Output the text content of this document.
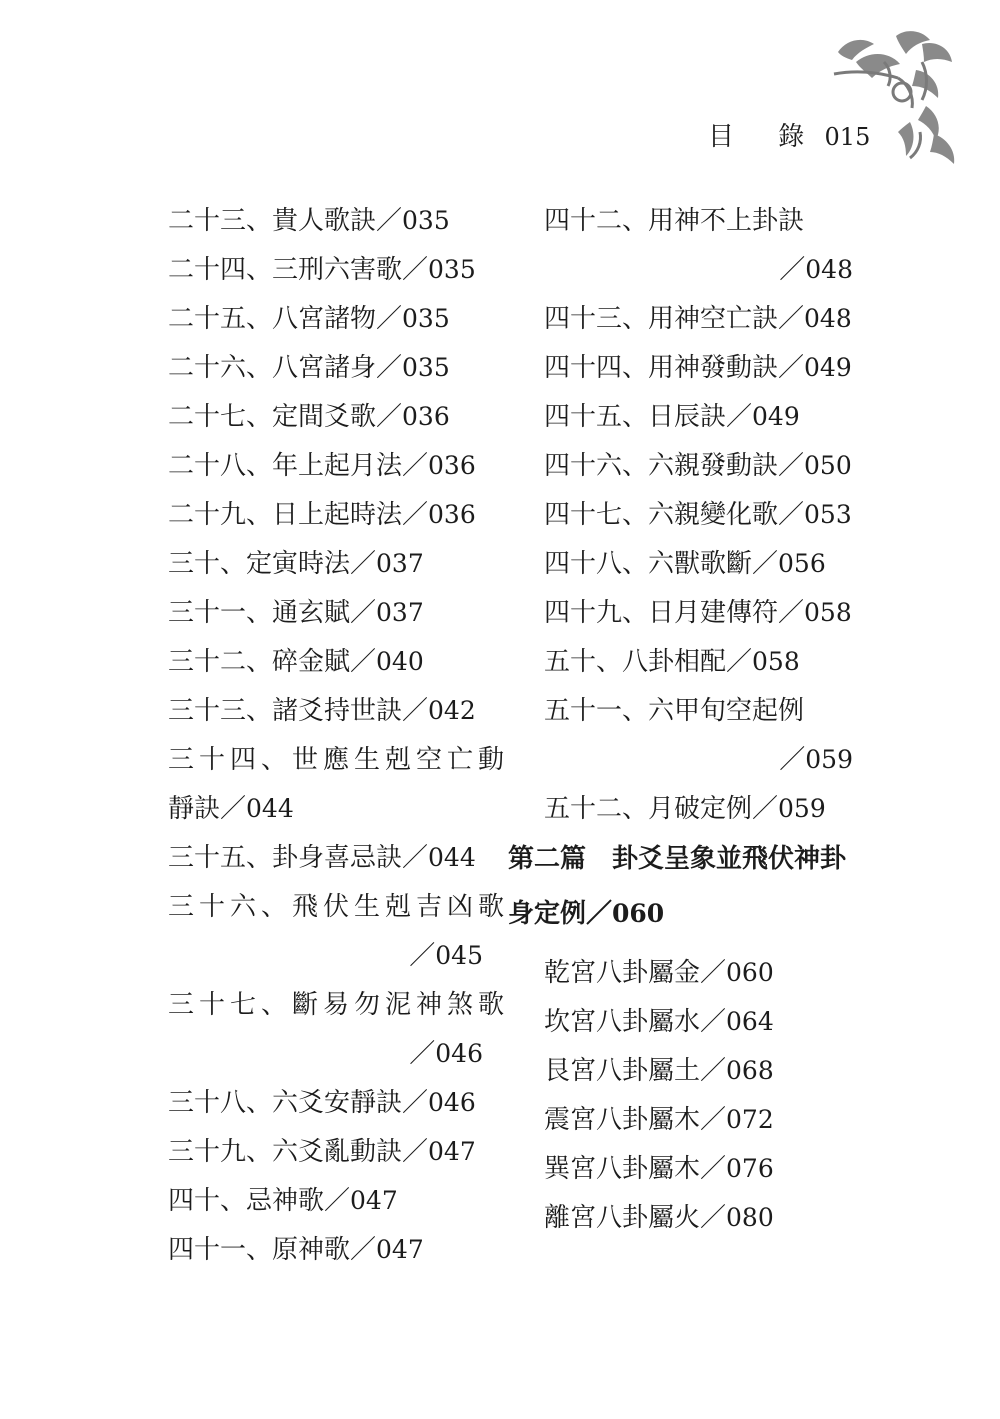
目 錄 015
二十三、貴人歌訣／035
二十四、三刑六害歌／035
二十五、八宮諸物／035
二十六、八宮諸身／035
二十七、定間爻歌／036
二十八、年上起月法／036
二十九、日上起時法／036
三十、定寅時法／037
三十一、通玄賦／037
三十二、碎金賦／040
三十三、諸爻持世訣／042
三十四、世應生剋空亡動
靜訣／044
三十五、卦身喜忌訣／044
三十六、飛伏生剋吉凶歌
／045
三十七、斷易勿泥神煞歌
／046
三十八、六爻安靜訣／046
三十九、六爻亂動訣／047
四十、忌神歌／047
四十一、原神歌／047
四十二、用神不上卦訣
／048
四十三、用神空亡訣／048
四十四、用神發動訣／049
四十五、日辰訣／049
四十六、六親發動訣／050
四十七、六親變化歌／053
四十八、六獸歌斷／056
四十九、日月建傳符／058
五十、八卦相配／058
五十一、六甲旬空起例
／059
五十二、月破定例／059
第二篇　卦爻呈象並飛伏神卦
身定例／060
乾宮八卦屬金／060
坎宮八卦屬水／064
艮宮八卦屬土／068
震宮八卦屬木／072
巽宮八卦屬木／076
離宮八卦屬火／080
